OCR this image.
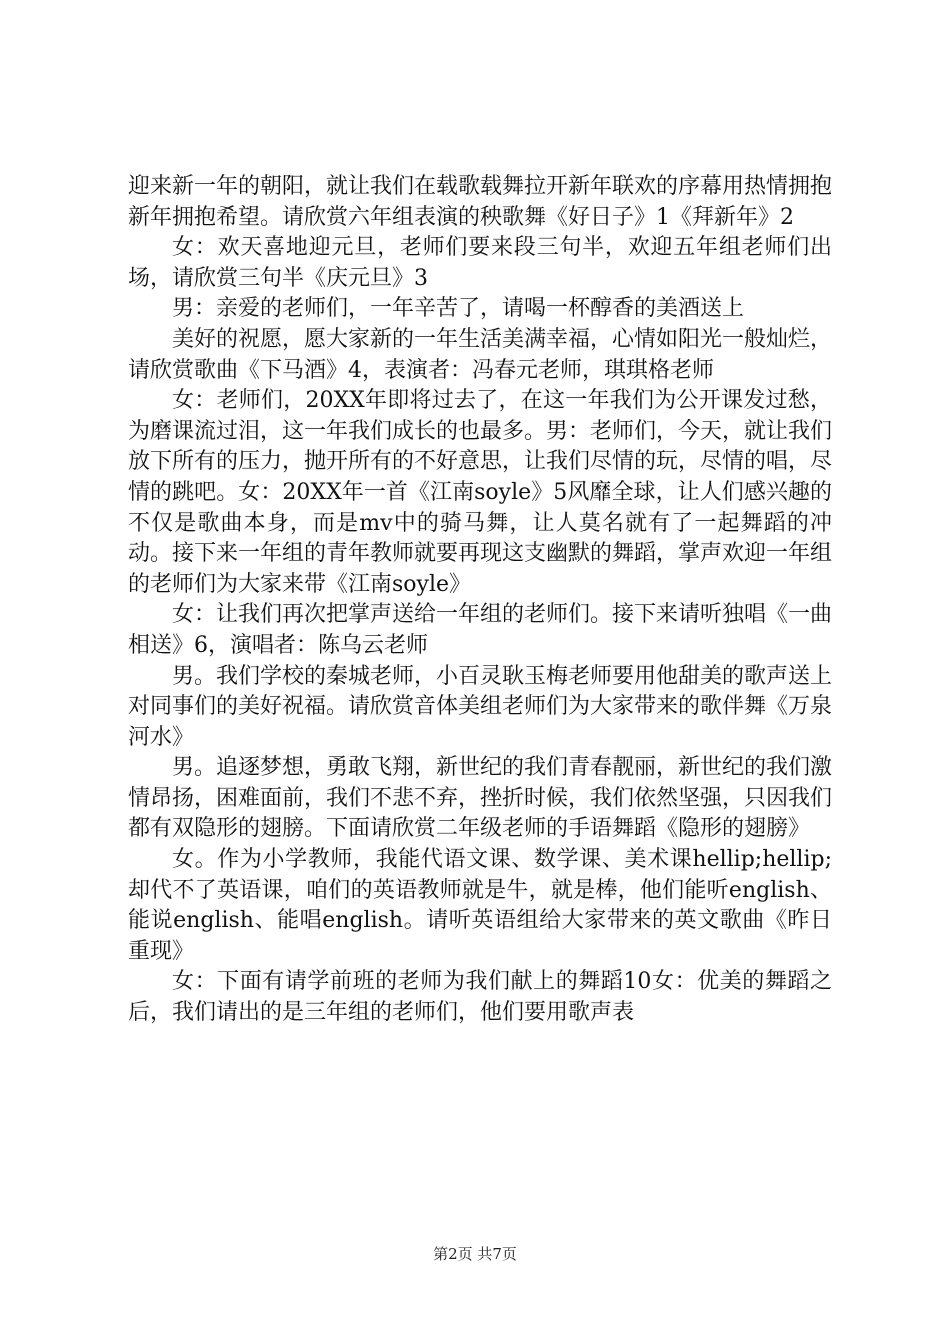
迎来新一年的朝阳，就让我们在载歌载舞拉开新年联欢的序幕用热情拥抱新年拥抱希望。请欣赏六年组表演的秧歌舞《好日子》1《拜新年》2

女：欢天喜地迎元旦，老师们要来段三句半，欢迎五年组老师们出场，请欣赏三句半《庆元旦》3

男：亲爱的老师们，一年辛苦了，请喝一杯醇香的美酒送上

美好的祝愿，愿大家新的一年生活美满幸福，心情如阳光一般灿烂，请欣赏歌曲《下马酒》4，表演者：冯春元老师，琪琪格老师

女：老师们，20XX年即将过去了，在这一年我们为公开课发过愁，为磨课流过泪，这一年我们成长的也最多。男：老师们，今天，就让我们放下所有的压力，抛开所有的不好意思，让我们尽情的玩，尽情的唱，尽情的跳吧。女：20XX年一首《江南soyle》5风靡全球，让人们感兴趣的不仅是歌曲本身，而是mv中的骑马舞，让人莫名就有了一起舞蹈的冲动。接下来一年组的青年教师就要再现这支幽默的舞蹈，掌声欢迎一年组的老师们为大家来带《江南soyle》

女：让我们再次把掌声送给一年组的老师们。接下来请听独唱《一曲相送》6，演唱者：陈乌云老师

男。我们学校的秦城老师，小百灵耿玉梅老师要用他甜美的歌声送上对同事们的美好祝福。请欣赏音体美组老师们为大家带来的歌伴舞《万泉河水》

男。追逐梦想，勇敢飞翔，新世纪的我们青春靓丽，新世纪的我们激情昂扬，困难面前，我们不悲不弃，挫折时候，我们依然坚强，只因我们都有双隐形的翅膀。下面请欣赏二年级老师的手语舞蹈《隐形的翅膀》

女。作为小学教师，我能代语文课、数学课、美术课hellip;hellip;却代不了英语课，咱们的英语教师就是牛，就是棒，他们能听english、能说english、能唱english。请听英语组给大家带来的英文歌曲《昨日重现》

女：下面有请学前班的老师为我们献上的舞蹈10女：优美的舞蹈之后，我们请出的是三年组的老师们，他们要用歌声表

第2页 共7页
